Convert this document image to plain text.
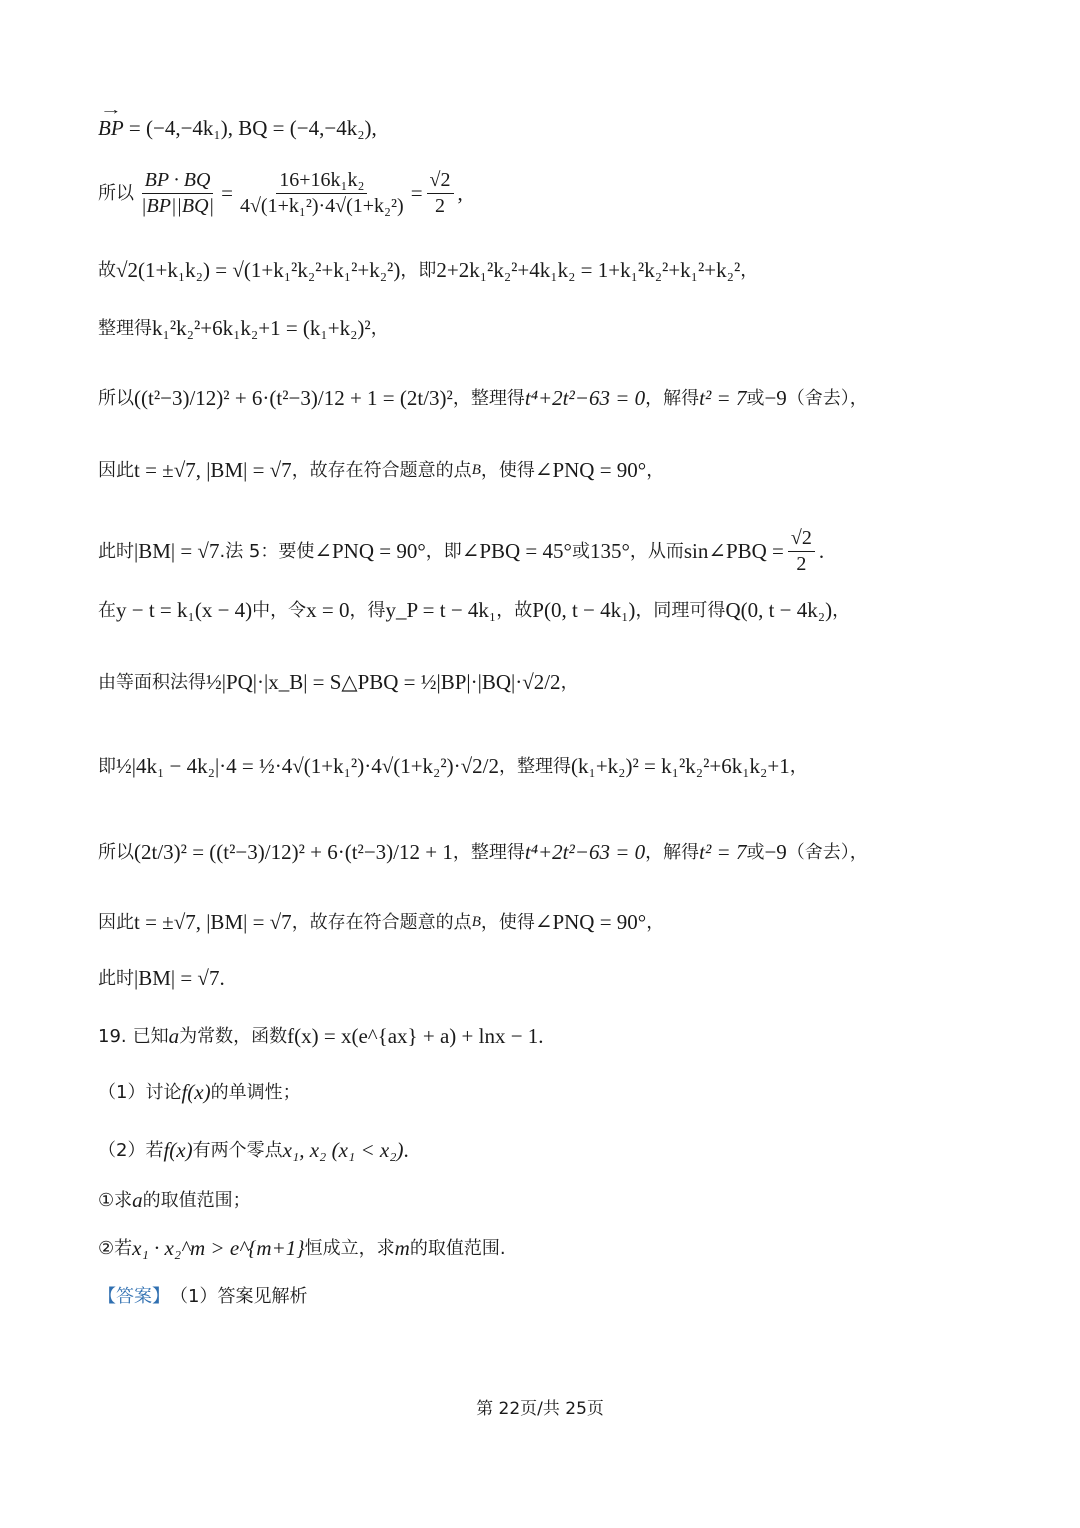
→ BP = (−4,−4k₁), BQ = (−4,−4k₂),
所以 $\frac{BP \cdot BQ}{|BP||BQ|} = \frac{\text{16+16k₁k₂}}{\text{4√(1+k₁²)·4√(1+k₂²)}} = \frac{√2}{2}$ ,
故 √2(1+k₁k₂) = √(1+k₁²k₂²+k₁²+k₂²) ，即 2+2k₁²k₂²+4k₁k₂ = 1+k₁²k₂²+k₁²+k₂² ，
整理得 k₁²k₂²+6k₁k₂+1 = (k₁+k₂)² ，
所以 ((t²−3)/12)² + 6·(t²−3)/12 + 1 = (2t/3)² ，整理得 t⁴+2t²−63 = 0 ，解得 t² = 7 或 −9 （舍去），
因此 t = ±√7, |BM| = √7 ，故存在符合题意的点 B ，使得 ∠PNQ = 90° ，
此时 |BM| = √7 .法 5：要使 ∠PNQ = 90° ，即 ∠PBQ = 45° 或 135° ，从而 sin∠PBQ = $\frac{√2}{2}$ .
在 y − t = k₁(x − 4) 中，令 x = 0 ，得 y_P = t − 4k₁ ，故 P(0, t − 4k₁) ，同理可得 Q(0, t − 4k₂) ，
由等面积法得 ½|PQ|·|x_B| = S△PBQ = ½|BP|·|BQ|·√2/2 ，
即 ½|4k₁ − 4k₂|·4 = ½·4√(1+k₁²)·4√(1+k₂²)·√2/2 ，整理得 (k₁+k₂)² = k₁²k₂²+6k₁k₂+1 ，
所以 (2t/3)² = ((t²−3)/12)² + 6·(t²−3)/12 + 1 ，整理得 t⁴+2t²−63 = 0 ，解得 t² = 7 或 −9 （舍去），
因此 t = ±√7, |BM| = √7 ，故存在符合题意的点 B ，使得 ∠PNQ = 90° ，
此时 |BM| = √7 .
19. 已知 a 为常数，函数 f(x) = x(e^{ax} + a) + lnx − 1 .
（1）讨论 f(x) 的单调性；
（2）若 f(x) 有两个零点 x₁, x₂ (x₁ < x₂) .
①求 a 的取值范围；
②若 x₁ · x₂^m > e^{m+1} 恒成立，求 m 的取值范围.
【答案】 （1）答案见解析
第 22页/共 25页
